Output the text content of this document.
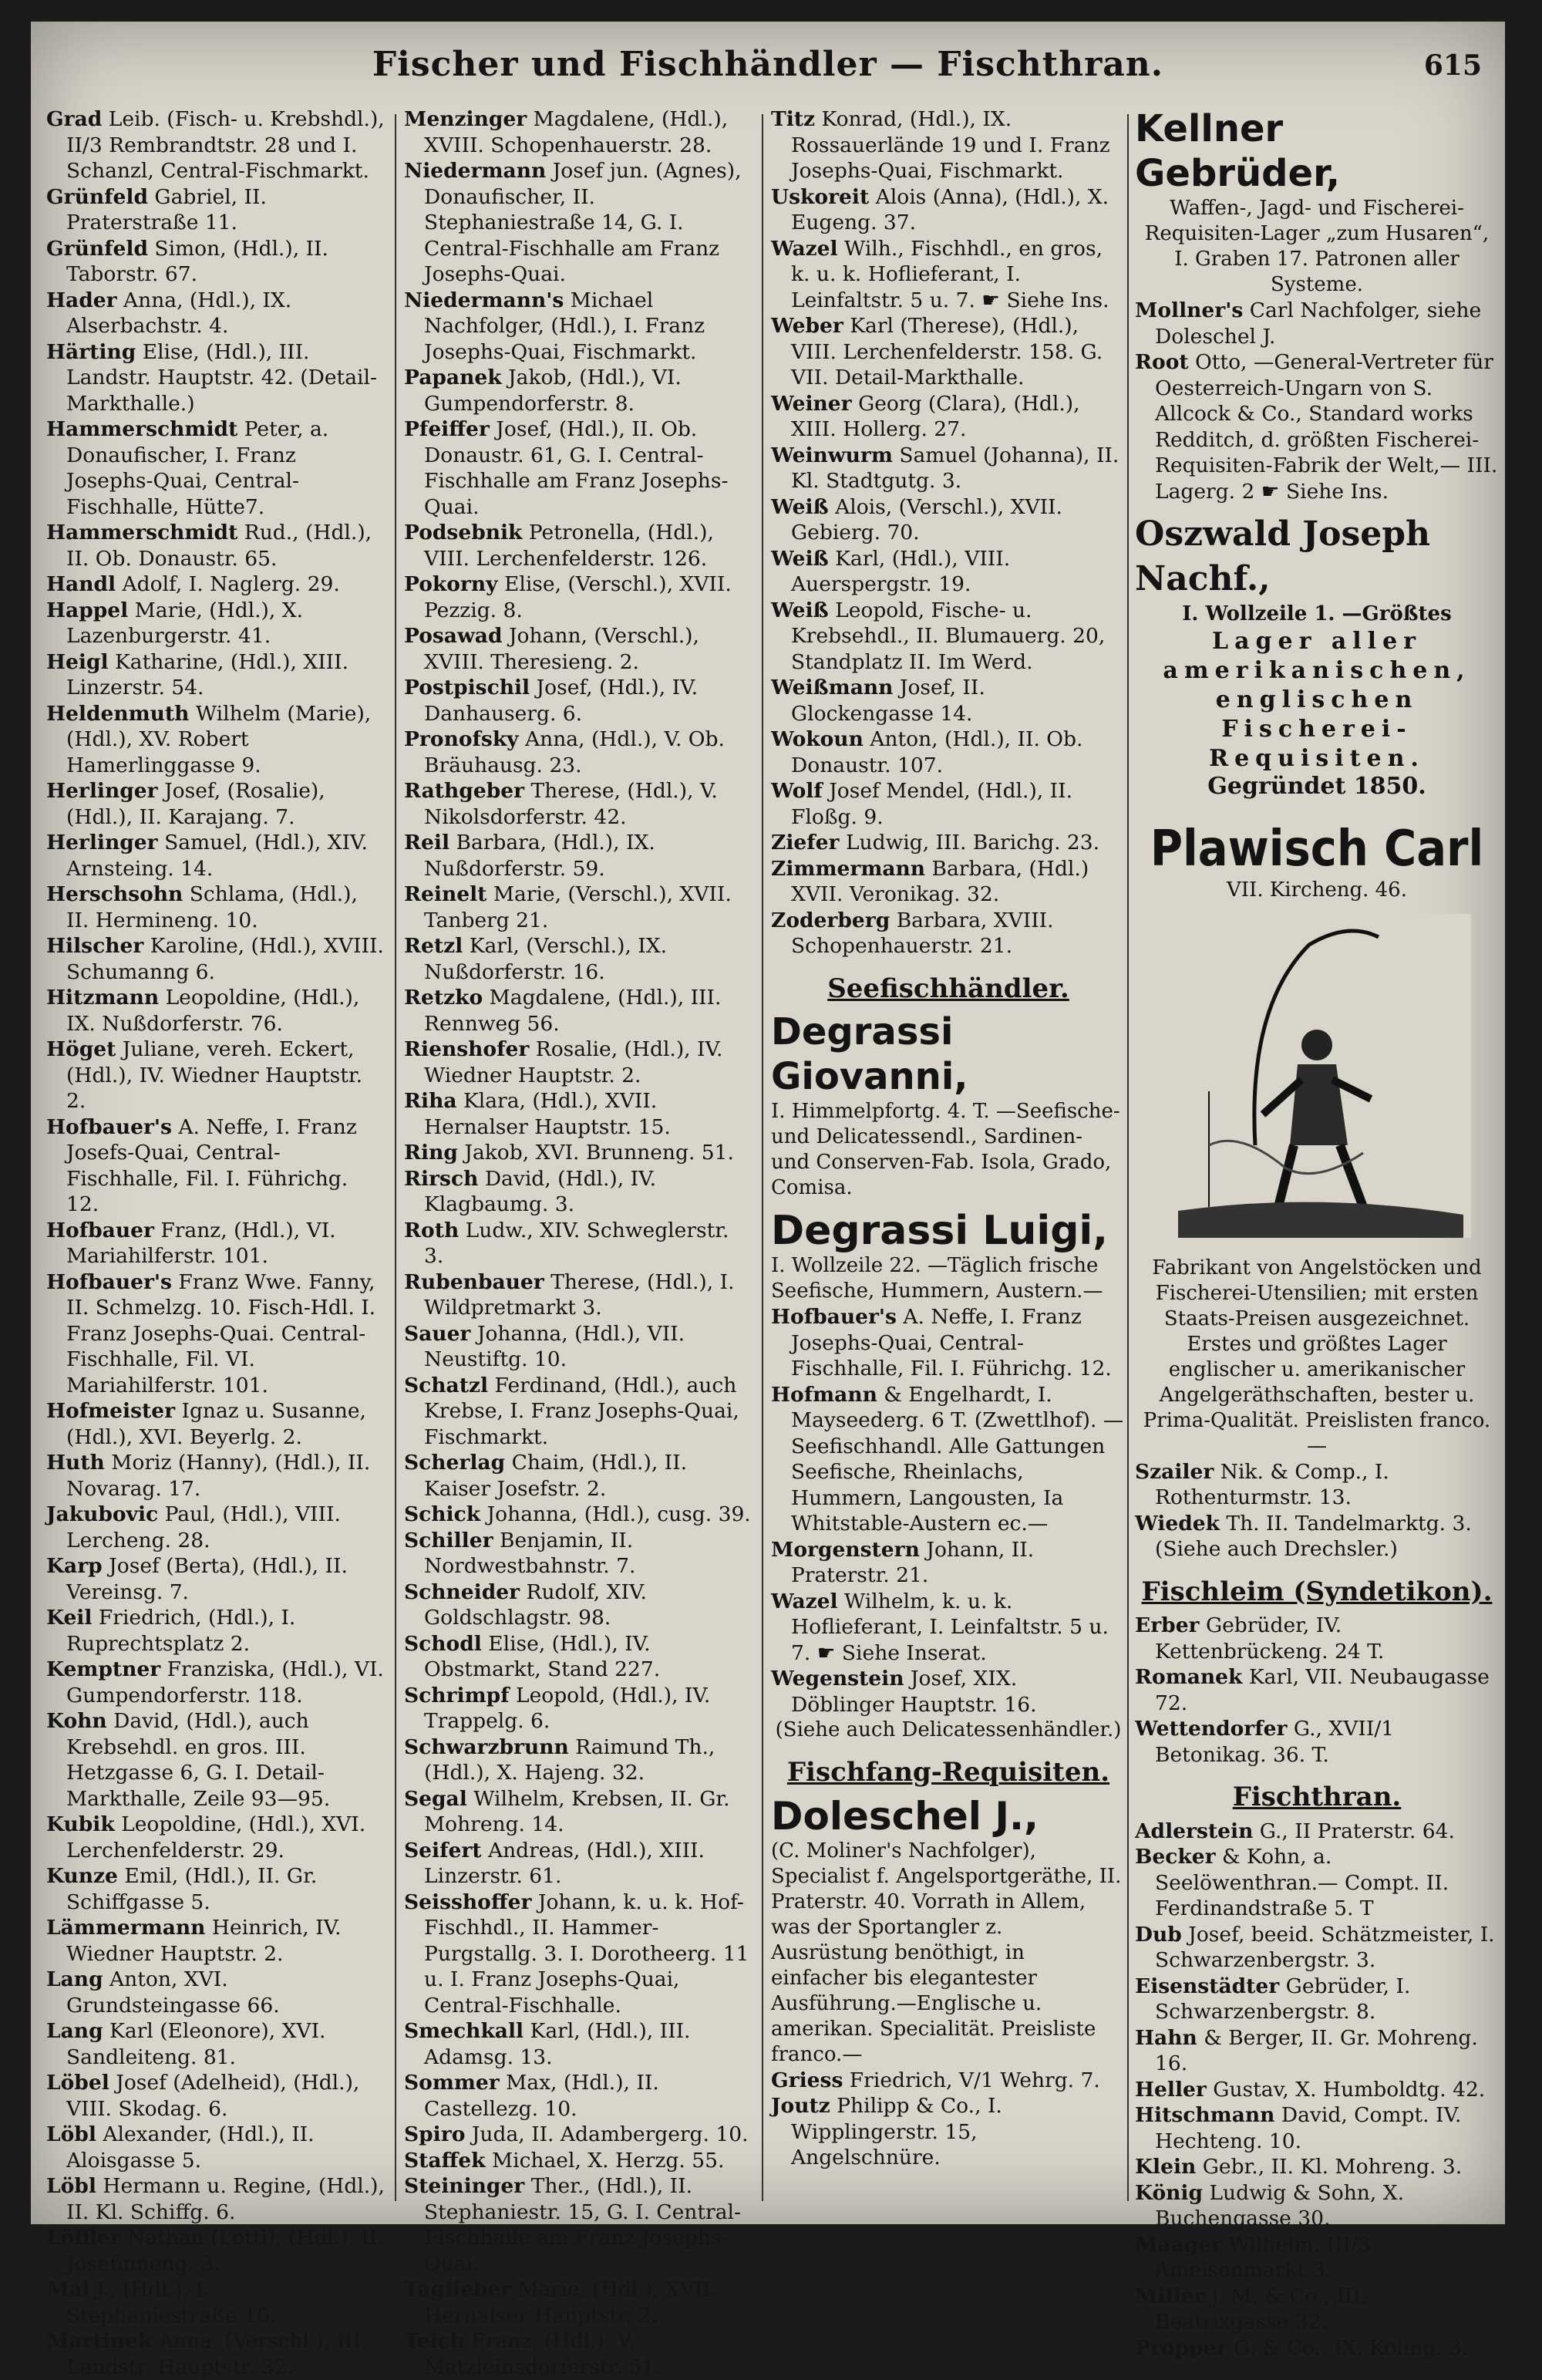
Fischer und Fischhändler — Fischthran.	615
Grad Leib. (Fisch- u. Krebshdl.), II/3 Rembrandtstr. 28 und I. Schanzl, Central-Fischmarkt.
Grünfeld Gabriel, II. Praterstraße 11.
Grünfeld Simon, (Hdl.), II. Taborstr. 67.
Hader Anna, (Hdl.), IX. Alserbachstr. 4.
Härting Elise, (Hdl.), III. Landstr. Hauptstr. 42. (Detail-Markthalle.)
Hammerschmidt Peter, a. Donaufischer, I. Franz Josephs-Quai, Central-Fischhalle, Hütte7.
Hammerschmidt Rud., (Hdl.), II. Ob. Donaustr. 65.
Handl Adolf, I. Naglerg. 29.
Happel Marie, (Hdl.), X. Lazenburgerstr. 41.
Heigl Katharine, (Hdl.), XIII. Linzerstr. 54.
Heldenmuth Wilhelm (Marie), (Hdl.), XV. Robert Hamerlinggasse 9.
Herlinger Josef, (Rosalie), (Hdl.), II. Karajang. 7.
Herlinger Samuel, (Hdl.), XIV. Arnsteing. 14.
Herschsohn Schlama, (Hdl.), II. Hermineng. 10.
Hilscher Karoline, (Hdl.), XVIII. Schumanng 6.
Hitzmann Leopoldine, (Hdl.), IX. Nußdorferstr. 76.
Höget Juliane, vereh. Eckert, (Hdl.), IV. Wiedner Hauptstr. 2.
Hofbauer's A. Neffe, I. Franz Josefs-Quai, Central-Fischhalle, Fil. I. Führichg. 12.
Hofbauer Franz, (Hdl.), VI. Mariahilferstr. 101.
Hofbauer's Franz Wwe. Fanny, II. Schmelzg. 10. Fisch-Hdl. I. Franz Josephs-Quai. Central-Fischhalle, Fil. VI. Mariahilferstr. 101.
Hofmeister Ignaz u. Susanne, (Hdl.), XVI. Beyerlg. 2.
Huth Moriz (Hanny), (Hdl.), II. Novarag. 17.
Jakubovic Paul, (Hdl.), VIII. Lercheng. 28.
Karp Josef (Berta), (Hdl.), II. Vereinsg. 7.
Keil Friedrich, (Hdl.), I. Ruprechtsplatz 2.
Kemptner Franziska, (Hdl.), VI. Gumpendorferstr. 118.
Kohn David, (Hdl.), auch Krebsehdl. en gros. III. Hetzgasse 6, G. I. Detail-Markthalle, Zeile 93—95.
Kubik Leopoldine, (Hdl.), XVI. Lerchenfelderstr. 29.
Kunze Emil, (Hdl.), II. Gr. Schiffgasse 5.
Lämmermann Heinrich, IV. Wiedner Hauptstr. 2.
Lang Anton, XVI. Grundsteingasse 66.
Lang Karl (Eleonore), XVI. Sandleiteng. 81.
Löbel Josef (Adelheid), (Hdl.), VIII. Skodag. 6.
Löbl Alexander, (Hdl.), II. Aloisgasse 5.
Löbl Hermann u. Regine, (Hdl.), II. Kl. Schiffg. 6.
Löffler Nathan (Lotti), (Hdl.), II. Josefinneng. 3.
Mai J., (Hdl.), I. Stephaniestraße 10.
Martinek Anna, (Verschl.), III. Landstr. Hauptstr. 32.
Menzinger Magdalene, (Hdl.), XVIII. Schopenhauerstr. 28.
Niedermann Josef jun. (Agnes), Donaufischer, II. Stephaniestraße 14, G. I. Central-Fischhalle am Franz Josephs-Quai.
Niedermann's Michael Nachfolger, (Hdl.), I. Franz Josephs-Quai, Fischmarkt.
Papanek Jakob, (Hdl.), VI. Gumpendorferstr. 8.
Pfeiffer Josef, (Hdl.), II. Ob. Donaustr. 61, G. I. Central-Fischhalle am Franz Josephs-Quai.
Podsebnik Petronella, (Hdl.), VIII. Lerchenfelderstr. 126.
Pokorny Elise, (Verschl.), XVII. Pezzig. 8.
Posawad Johann, (Verschl.), XVIII. Theresieng. 2.
Postpischil Josef, (Hdl.), IV. Danhauserg. 6.
Pronofsky Anna, (Hdl.), V. Ob. Bräuhausg. 23.
Rathgeber Therese, (Hdl.), V. Nikolsdorferstr. 42.
Reil Barbara, (Hdl.), IX. Nußdorferstr. 59.
Reinelt Marie, (Verschl.), XVII. Tanberg 21.
Retzl Karl, (Verschl.), IX. Nußdorferstr. 16.
Retzko Magdalene, (Hdl.), III. Rennweg 56.
Rienshofer Rosalie, (Hdl.), IV. Wiedner Hauptstr. 2.
Riha Klara, (Hdl.), XVII. Hernalser Hauptstr. 15.
Ring Jakob, XVI. Brunneng. 51.
Rirsch David, (Hdl.), IV. Klagbaumg. 3.
Roth Ludw., XIV. Schweglerstr. 3.
Rubenbauer Therese, (Hdl.), I. Wildpretmarkt 3.
Sauer Johanna, (Hdl.), VII. Neustiftg. 10.
Schatzl Ferdinand, (Hdl.), auch Krebse, I. Franz Josephs-Quai, Fischmarkt.
Scherlag Chaim, (Hdl.), II. Kaiser Josefstr. 2.
Schick Johanna, (Hdl.), cusg. 39.
Schiller Benjamin, II. Nordwestbahnstr. 7.
Schneider Rudolf, XIV. Goldschlagstr. 98.
Schodl Elise, (Hdl.), IV. Obstmarkt, Stand 227.
Schrimpf Leopold, (Hdl.), IV. Trappelg. 6.
Schwarzbrunn Raimund Th., (Hdl.), X. Hajeng. 32.
Segal Wilhelm, Krebsen, II. Gr. Mohreng. 14.
Seifert Andreas, (Hdl.), XIII. Linzerstr. 61.
Seisshoffer Johann, k. u. k. Hof-Fischhdl., II. Hammer-Purgstallg. 3. I. Dorotheerg. 11 u. I. Franz Josephs-Quai, Central-Fischhalle.
Smechkall Karl, (Hdl.), III. Adamsg. 13.
Sommer Max, (Hdl.), II. Castellezg. 10.
Spiro Juda, II. Adambergerg. 10.
Staffek Michael, X. Herzg. 55.
Steininger Ther., (Hdl.), II. Stephaniestr. 15, G. I. Central-Fischhalle am Franz Josephs-Quai.
Taglieber Marie, (Hdl.), XVII. Hernalser Hauptstr. 2.
Teich Franz, (Hdl.), V. Matzleinsdorferstr. 51.
Titz Konrad, (Hdl.), IX. Rossauerlände 19 und I. Franz Josephs-Quai, Fischmarkt.
Uskoreit Alois (Anna), (Hdl.), X. Eugeng. 37.
Wazel Wilh., Fischhdl., en gros, k. u. k. Hoflieferant, I. Leinfaltstr. 5 u. 7. ☛ Siehe Ins.
Weber Karl (Therese), (Hdl.), VIII. Lerchenfelderstr. 158. G. VII. Detail-Markthalle.
Weiner Georg (Clara), (Hdl.), XIII. Hollerg. 27.
Weinwurm Samuel (Johanna), II. Kl. Stadtgutg. 3.
Weiß Alois, (Verschl.), XVII. Gebierg. 70.
Weiß Karl, (Hdl.), VIII. Auerspergstr. 19.
Weiß Leopold, Fische- u. Krebsehdl., II. Blumauerg. 20, Standplatz II. Im Werd.
Weißmann Josef, II. Glockengasse 14.
Wokoun Anton, (Hdl.), II. Ob. Donaustr. 107.
Wolf Josef Mendel, (Hdl.), II. Floßg. 9.
Ziefer Ludwig, III. Barichg. 23.
Zimmermann Barbara, (Hdl.) XVII. Veronikag. 32.
Zoderberg Barbara, XVIII. Schopenhauerstr. 21.
Seefischhändler.
Degrassi Giovanni,
I. Himmelpfortg. 4. T. —Seefische- und Delicatessendl., Sardinen- und Conserven-Fab. Isola, Grado, Comisa.
Degrassi Luigi,
I. Wollzeile 22. —Täglich frische Seefische, Hummern, Austern.—
Hofbauer's A. Neffe, I. Franz Josephs-Quai, Central-Fischhalle, Fil. I. Führichg. 12.
Hofmann & Engelhardt, I. Mayseederg. 6 T. (Zwettlhof). —Seefischhandl. Alle Gattungen Seefische, Rheinlachs, Hummern, Langousten, Ia Whitstable-Austern ec.—
Morgenstern Johann, II. Praterstr. 21.
Wazel Wilhelm, k. u. k. Hoflieferant, I. Leinfaltstr. 5 u. 7. ☛ Siehe Inserat.
Wegenstein Josef, XIX. Döblinger Hauptstr. 16.
(Siehe auch Delicatessenhändler.)
Fischfang-Requisiten.
Doleschel J.,
(C. Moliner's Nachfolger), Specialist f. Angelsportgeräthe, II. Praterstr. 40. Vorrath in Allem, was der Sportangler z. Ausrüstung benöthigt, in einfacher bis elegantester Ausführung.—Englische u. amerikan. Specialität. Preisliste franco.—
Griess Friedrich, V/1 Wehrg. 7.
Joutz Philipp & Co., I. Wipplingerstr. 15, Angelschnüre.
Kellner Gebrüder,
Waffen-, Jagd- und Fischerei-Requisiten-Lager „zum Husaren“, I. Graben 17. Patronen aller Systeme.
Mollner's Carl Nachfolger, siehe Doleschel J.
Root Otto, —General-Vertreter für Oesterreich-Ungarn von S. Allcock & Co., Standard works Redditch, d. größten Fischerei-Requisiten-Fabrik der Welt,— III. Lagerg. 2 ☛ Siehe Ins.
Oszwald Joseph Nachf.,
I. Wollzeile 1. —Größtes
Lager aller amerikanischen, englischen Fischerei-Requisiten.
Gegründet 1850.
Plawisch Carl
VII. Kircheng. 46.
Fabrikant von Angelstöcken und Fischerei-Utensilien; mit ersten Staats-Preisen ausgezeichnet. Erstes und größtes Lager englischer u. amerikanischer Angelgeräthschaften, bester u. Prima-Qualität. Preislisten franco.—
Szailer Nik. & Comp., I. Rothenturmstr. 13.
Wiedek Th. II. Tandelmarktg. 3. (Siehe auch Drechsler.)
Fischleim (Syndetikon).
Erber Gebrüder, IV. Kettenbrückeng. 24 T.
Romanek Karl, VII. Neubaugasse 72.
Wettendorfer G., XVII/1 Betonikag. 36. T.
Fischthran.
Adlerstein G., II Praterstr. 64.
Becker & Kohn, a. Seelöwenthran.— Compt. II. Ferdinandstraße 5. T
Dub Josef, beeid. Schätzmeister, I. Schwarzenbergstr. 3.
Eisenstädter Gebrüder, I. Schwarzenbergstr. 8.
Hahn & Berger, II. Gr. Mohreng. 16.
Heller Gustav, X. Humboldtg. 42.
Hitschmann David, Compt. IV. Hechteng. 10.
Klein Gebr., II. Kl. Mohreng. 3.
König Ludwig & Sohn, X. Buchengasse 30.
Maager Wilhelm, III/3 Ameisenmarkt 3.
Miller J. M. & Co., III. Beatrixgasse 32.
Propper G. & Co., IX. Koling. 3.
